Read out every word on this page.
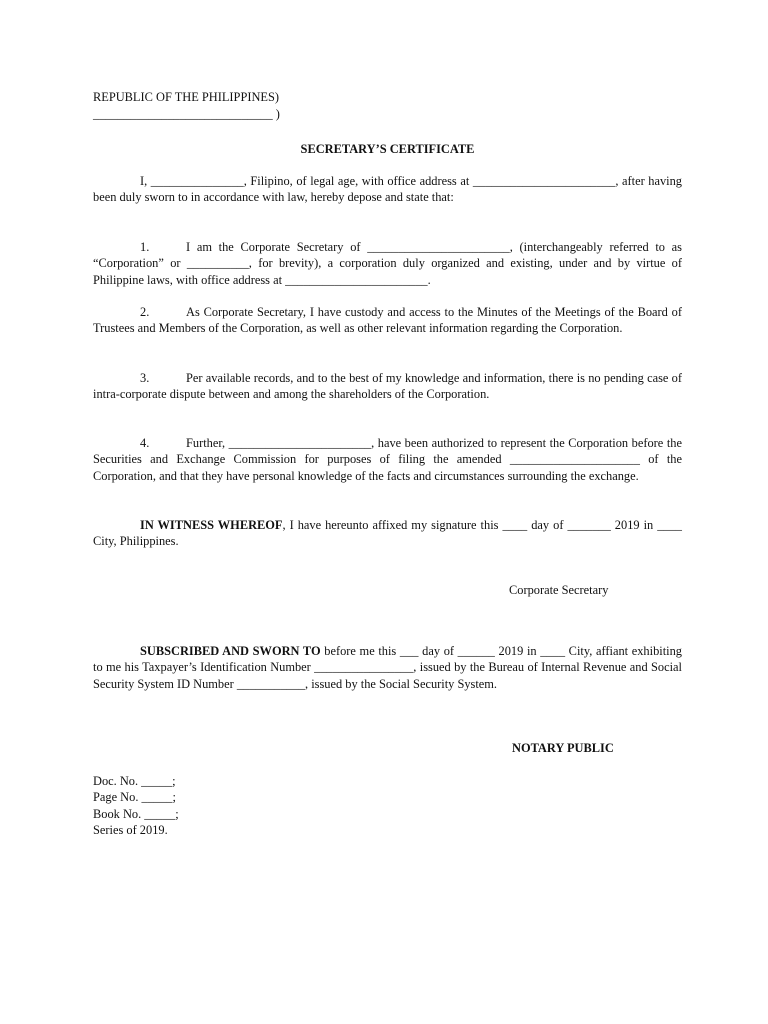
REPUBLIC OF THE PHILIPPINES)
_____________________________ )
SECRETARY’S CERTIFICATE

I, _______________, Filipino, of legal age, with office address at _______________________, after having been duly sworn to in accordance with law, hereby depose and state that:

1.	I am the Corporate Secretary of _______________________, (interchangeably referred to as “Corporation” or __________, for brevity), a corporation duly organized and existing, under and by virtue of Philippine laws, with office address at _______________________.

2.	As Corporate Secretary, I have custody and access to the Minutes of the Meetings of the Board of Trustees and Members of the Corporation, as well as other relevant information regarding the Corporation.

3.	Per available records, and to the best of my knowledge and information, there is no pending case of intra-corporate dispute between and among the shareholders of the Corporation.

4.	Further, _______________________, have been authorized to represent the Corporation before the Securities and Exchange Commission for purposes of filing the amended _____________________ of the Corporation, and that they have personal knowledge of the facts and circumstances surrounding the exchange.

IN WITNESS WHEREOF, I have hereunto affixed my signature this ____ day of _______ 2019 in ____ City, Philippines.

Corporate Secretary

SUBSCRIBED AND SWORN TO before me this ___ day of ______ 2019 in ____ City, affiant exhibiting to me his Taxpayer’s Identification Number ________________, issued by the Bureau of Internal Revenue and Social Security System ID Number ___________, issued by the Social Security System.

NOTARY PUBLIC
Doc. No. _____;
Page No. _____;
Book No. _____;
Series of 2019.
